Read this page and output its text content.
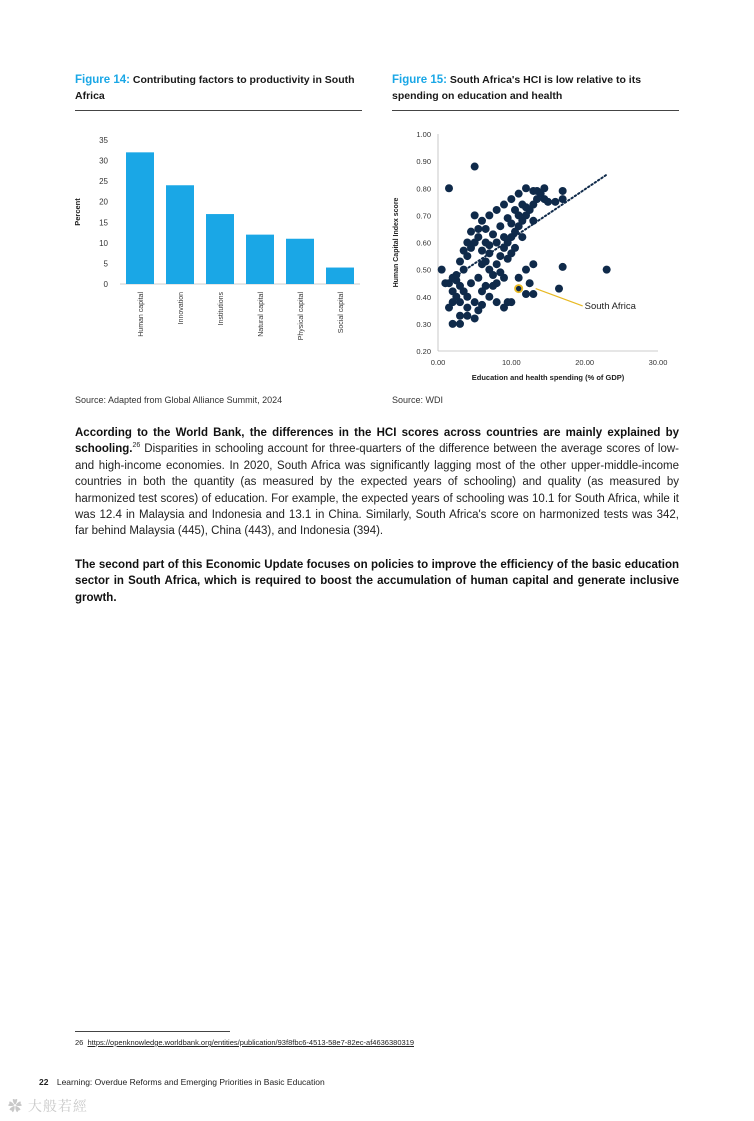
Figure 14: Contributing factors to productivity in South Africa
Percent
0
5
10
15
20
25
30
35
Human capital	Innovation	Institutions	Natural capital	Physical capital	Social capital
Source: Adapted from Global Alliance Summit, 2024
Figure 15: South Africa's HCI is low relative to its spending on education and health
0.20
0.30
0.40
0.50
0.60
0.70
0.80
0.90
1.00
0.00	10.00	20.00	30.00
Education and health spending (% of GDP)
Human Capital Index score
South Africa
Source: WDI
According to the World Bank, the differences in the HCI scores across countries are mainly explained by schooling.$^{26}$ Disparities in schooling account for three-quarters of the difference between the average scores of low- and high-income economies. In 2020, South Africa was significantly lagging most of the other upper-middle-income countries in both the quantity (as measured by the expected years of schooling) and quality (as measured by harmonized test scores) of education. For example, the expected years of schooling was 10.1 for South Africa, while it was 12.4 in Malaysia and Indonesia and 13.1 in China. Similarly, South Africa's score on harmonized tests was 342, far behind Malaysia (445), China (443), and Indonesia (394).
The second part of this Economic Update focuses on policies to improve the efficiency of the basic education sector in South Africa, which is required to boost the accumulation of human capital and generate inclusive growth.
26 https://openknowledge.worldbank.org/entities/publication/93f8fbc6-4513-58e7-82ec-af4636380319
22 Learning: Overdue Reforms and Emerging Priorities in Basic Education
✿ 大般若經
